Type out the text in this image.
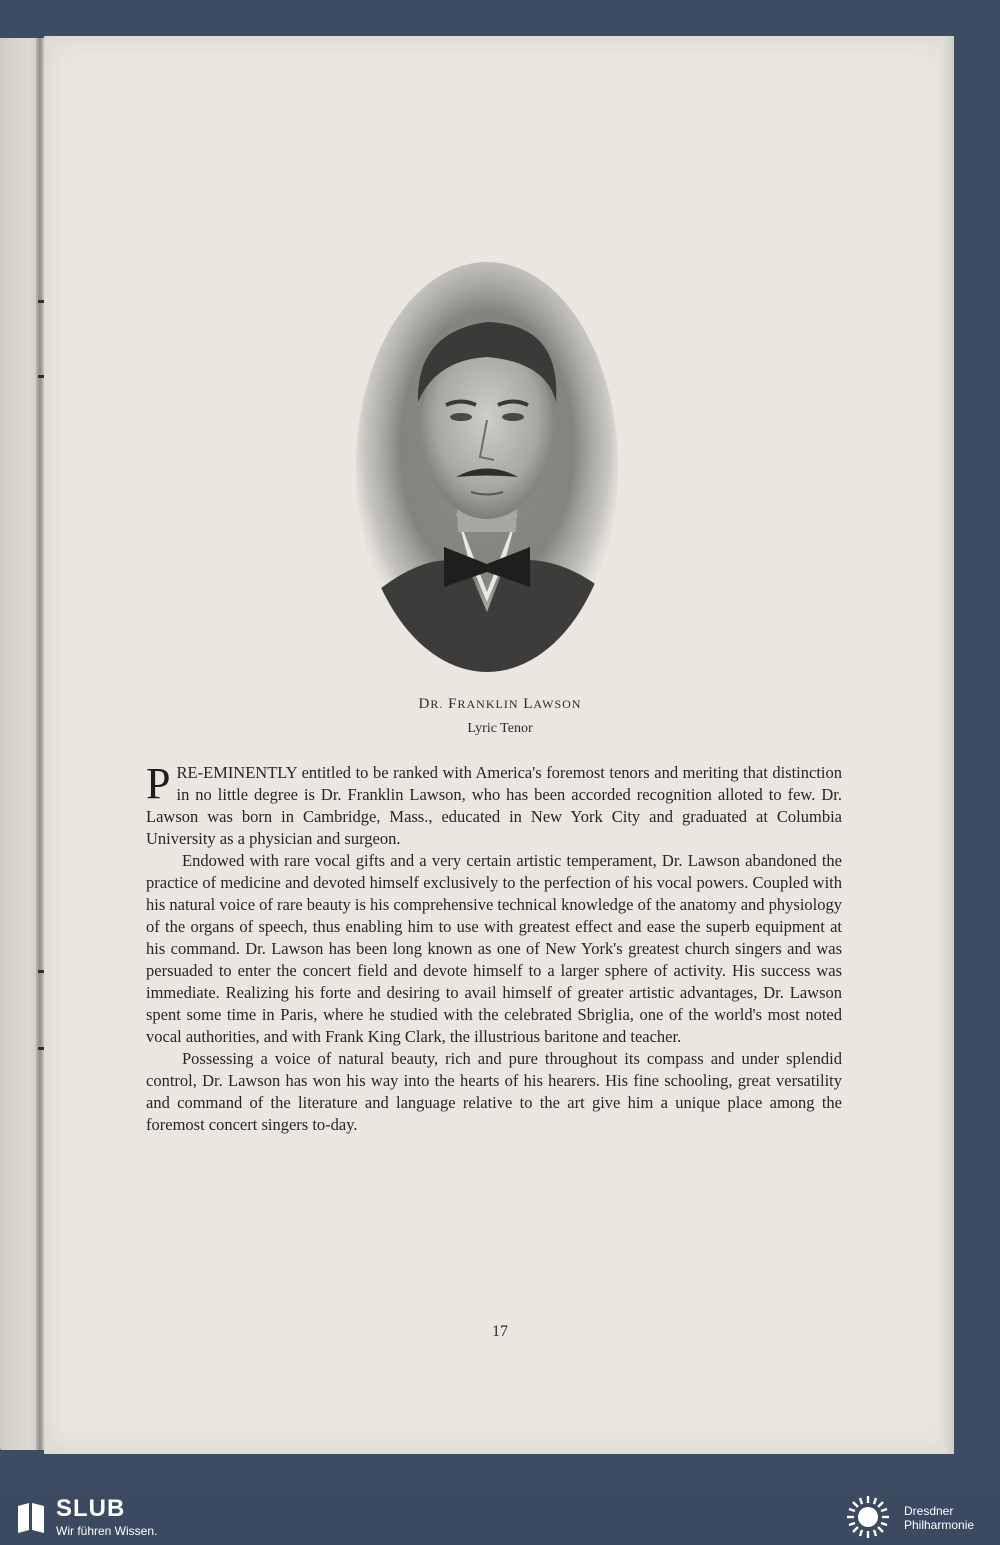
DR. FRANKLIN LAWSON
Lyric Tenor

PRE-EMINENTLY entitled to be ranked with America's foremost tenors and meriting that distinction in no little degree is Dr. Franklin Lawson, who has been accorded recognition alloted to few. Dr. Lawson was born in Cambridge, Mass., educated in New York City and graduated at Columbia University as a physician and surgeon.

Endowed with rare vocal gifts and a very certain artistic temperament, Dr. Lawson abandoned the practice of medicine and devoted himself exclusively to the perfection of his vocal powers. Coupled with his natural voice of rare beauty is his comprehensive technical knowledge of the anatomy and physiology of the organs of speech, thus enabling him to use with greatest effect and ease the superb equipment at his command. Dr. Lawson has been long known as one of New York's greatest church singers and was persuaded to enter the concert field and devote himself to a larger sphere of activity. His success was immediate. Realizing his forte and desiring to avail himself of greater artistic advantages, Dr. Lawson spent some time in Paris, where he studied with the celebrated Sbriglia, one of the world's most noted vocal authorities, and with Frank King Clark, the illustrious baritone and teacher.

Possessing a voice of natural beauty, rich and pure throughout its compass and under splendid control, Dr. Lawson has won his way into the hearts of his hearers. His fine schooling, great versatility and command of the literature and language relative to the art give him a unique place among the foremost concert singers to-day.

17
SLUB
Wir führen Wissen.
Dresdner
Philharmonie
